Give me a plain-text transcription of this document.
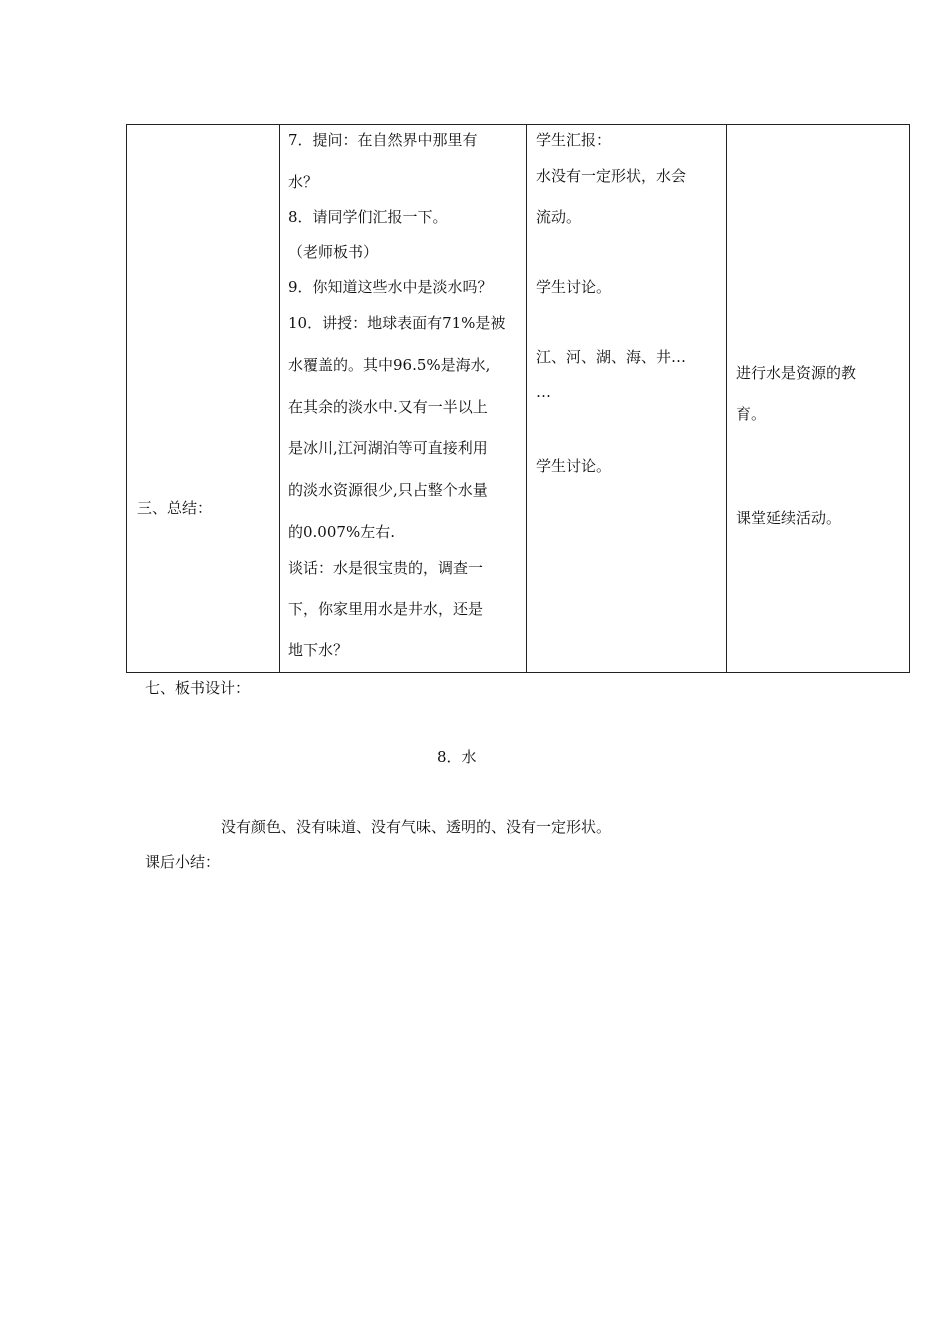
三、总结：
7．提问：在自然界中那里有
水？
8．请同学们汇报一下。
（老师板书）
9．你知道这些水中是淡水吗？
10．讲授：地球表面有71%是被
水覆盖的。其中96.5%是海水,
在其余的淡水中.又有一半以上
是冰川,江河湖泊等可直接利用
的淡水资源很少,只占整个水量
的0.007%左右.
谈话：水是很宝贵的，调查一
下，你家里用水是井水，还是
地下水？
学生汇报：
水没有一定形状，水会
流动。
学生讨论。
江、河、湖、海、井…
…
学生讨论。
进行水是资源的教
育。
课堂延续活动。
七、板书设计：
8．水
没有颜色、没有味道、没有气味、透明的、没有一定形状。
课后小结：
